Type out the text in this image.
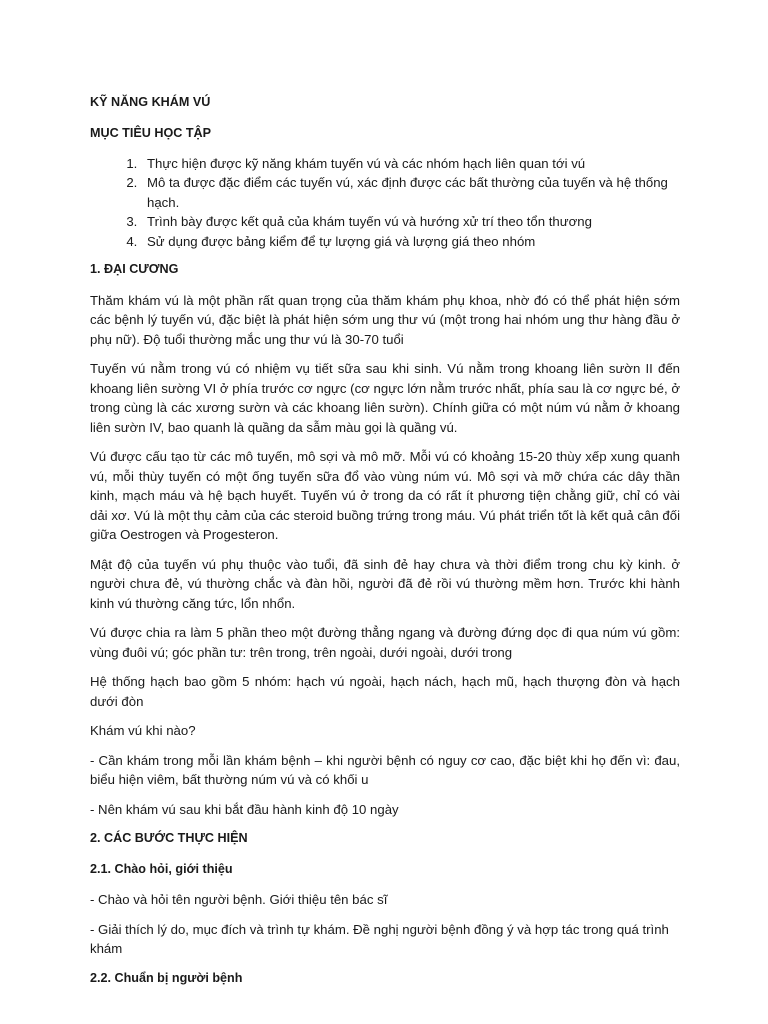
KỸ NĂNG KHÁM VÚ
MỤC TIÊU HỌC TẬP
1. Thực hiện được kỹ năng khám tuyến vú và các nhóm hạch liên quan tới vú
2. Mô ta được đặc điểm các tuyến vú, xác định được các bất thường của tuyến và hệ thống hạch.
3. Trình bày được kết quả của khám tuyến vú và hướng xử trí theo tổn thương
4. Sử dụng được bảng kiểm để tự lượng giá và lượng giá theo nhóm
1. ĐẠI CƯƠNG

Thăm khám vú là một phần rất quan trọng của thăm khám phụ khoa, nhờ đó có thể phát hiện sớm các bệnh lý tuyến vú, đặc biệt là phát hiện sớm ung thư vú (một trong hai nhóm ung thư hàng đầu ở phụ nữ). Độ tuổi thường mắc ung thư vú là 30-70 tuổi

Tuyến vú nằm trong vú có nhiệm vụ tiết sữa sau khi sinh. Vú nằm trong khoang liên sườn II đến khoang liên sường VI ở phía trước cơ ngực (cơ ngực lớn nằm trước nhất, phía sau là cơ ngực bé, ở trong cùng là các xương sườn và các khoang liên sườn). Chính giữa có một núm vú nằm ở khoang liên sườn IV, bao quanh là quầng da sẫm màu gọi là quầng vú.

Vú được cấu tạo từ các mô tuyến, mô sợi và mô mỡ. Mỗi vú có khoảng 15-20 thùy xếp xung quanh vú, mỗi thùy tuyến có một ống tuyến sữa đổ vào vùng núm vú. Mô sợi và mỡ chứa các dây thần kinh, mạch máu và hệ bạch huyết. Tuyến vú ở trong da có rất ít phương tiện chằng giữ, chỉ có vài dải xơ. Vú là một thụ cảm của các steroid buồng trứng trong máu. Vú phát triển tốt là kết quả cân đối giữa Oestrogen và Progesteron.

Mật độ của tuyến vú phụ thuộc vào tuổi, đã sinh đẻ hay chưa và thời điểm trong chu kỳ kinh. ở người chưa đẻ, vú thường chắc và đàn hồi, người đã đẻ rồi vú thường mềm hơn. Trước khi hành kinh vú thường căng tức, lổn nhổn.

Vú được chia ra làm 5 phần theo một đường thẳng ngang và đường đứng dọc đi qua núm vú gồm: vùng đuôi vú; góc phần tư: trên trong, trên ngoài, dưới ngoài, dưới trong

Hệ thống hạch bao gồm 5 nhóm: hạch vú ngoài, hạch nách, hạch mũ, hạch thượng đòn và hạch dưới đòn

Khám vú khi nào?

- Cần khám trong mỗi lần khám bệnh – khi người bệnh có nguy cơ cao, đặc biệt khi họ đến vì: đau, biểu hiện viêm, bất thường núm vú và có khối u

- Nên khám vú sau khi bắt đầu hành kinh độ 10 ngày

2. CÁC BƯỚC THỰC HIỆN
2.1. Chào hỏi, giới thiệu

- Chào và hỏi tên người bệnh. Giới thiệu tên bác sĩ

- Giải thích lý do, mục đích và trình tự khám. Đề nghị người bệnh đồng ý và hợp tác trong quá trình khám

2.2. Chuẩn bị người bệnh
